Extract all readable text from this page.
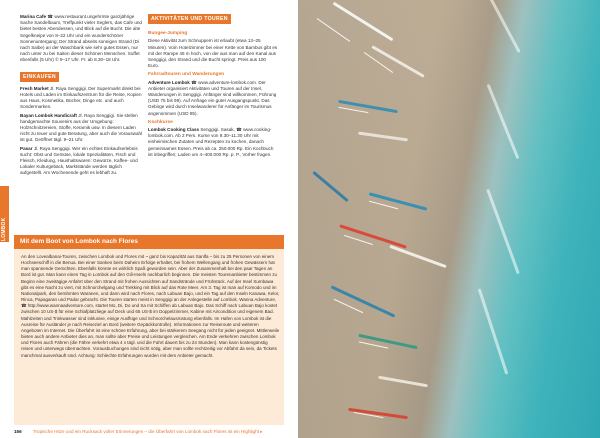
Marina Cafe ☎ www.restaurant.ungehrmte ganzjährige Sache Sandelbaum, Treffpunkt vieler Seglers, das Cafe und bietet besten Abendessen, und Blick auf die Bucht. Die alte Segelkneipe von 8–22 Uhr und ein wunderschöner Sonnenuntergang; Der Strand abseits sonnigen Strand (Di nach Saibe) an der Waschbank wie sehr gutes Essen, nur nach unter zu bei Saiten dieser Schönen Menschen. Suffet ebenfalls (5 Uhr) © 9–17 Uhr. Fr. ab 8.30–18 Uhr.

EINKAUFEN

Fresh Market Jl. Raya Senggigi. Der Supermarkt direkt bei Hotels und Läden im Einkaufszentrum für die Reise, Kopien aus Haus, Kosmetika, Bücher, Dinge etc. und auch Sondermarken.

Bayan Lombok Handicraft Jl. Raya Senggigi. Sie stellen handgemachte Souvenirs aus der Umgebung: Holzschnitzereien, Stoffe, Keramik usw. In diesem Laden nicht zu teuer und gute Beratung, aber auch die Vorauswahl ist gut. Geöffnet tägl. 9–21 Uhr.

Pasar Jl. Raya Senggigi. Wer ein echtes Einkaufserlebnis sucht: Obst und Gemüse, lokale Spezialitäten, Fisch und Fleisch, Kleidung, Haushaltswaren: Gewürze, Kaffee- und Lokaler Kulturgebäck, Marktstände werden täglich aufgestellt. Am Wochenende geht es lebhaft zu.

AKTIVITÄTEN UND TOUREN
Bungee-Jumping

Diese Aktivität zum Schnuppern ist erlaubt (etwa 13–25 Minuten). Vom Hotelzimmer bei einer Kette von Bambus gibt es mit der Rampe 45 m hoch, von der aus man auf den Kanal aus Senggigi, den Strand und die Bucht springt. Preis aus 100 Euro.

Fahrradtouren und Wanderungen

Adventure Lombok ☎ www.adventure-lombok.com. Der Anbieter organisiert Aktivitäten und Touren auf der Insel, Wanderungen in Senggigi. Anfänger sind willkommen, Führung (USD 75 bis 99). Auf Anfrage ein guter Ausgangspunkt. Das Gebirge wird durch Inselwanderer für Anfänger im Tourismus angenommen (USD 85).

Kochkurse

Lombok Cooking Class Senggigi. Sasak, ☎ www.cooking-lombok.com. Ab 2 Pers. Kurse von 9.30–11.30 Uhr mit einheimischen Zutaten und Rezepten zu kochen, danach gemeinsames Essen. Preis ab ca. 250.000 Rp. Ein Kochbuch ist inbegriffen; Laden um 4–400.000 Rp. p. P., Vorher fragen.

LOMBOK
Mit dem Boot von Lombok nach Flores

An den Lovealbanai-Touren, zwischen Lombok und Flores mit ~ ganz bis Kapazität aus Sanlfa – bis zu 25 Personen von einem Hochseeschiff in die Benua. Bei einer Sanken beim Daheim Erfolge erhaltet, bei frohem Wellengang und frohen Gewässern hat man spannende Gerüchten. Ebenfalls könnte es wirklich Spaß geworden sein. Aber der Zusammenhalt bei den paar Tagen an Bord ist gut. Man kann einen Tag in Lombok auf den Gili-Inseln nachbarlich beginnen. Die meisten Tourenanbieter bestimmen zu Beginn eine zweitägige Anfahrt über den Strand mit frohen Aussichten auf Sandstrände und Frühstück. Auf der Insel Sumbawa gibt es eine Nacht zu viert, mit Schnorchelgang und Trekking mit Blick auf das Rote Meer. Am 3. Tag ist man auf Komodo und im Nationalpark, den berühmten Waranen, und dann wird nach Flores, nach Labuan Bajo, und ein Tag auf den Inseln Kanawa, Kelor, Rinca, Papagaran und Padar gebracht. Die Touren starten meist in Senggigi an der Anlegestelle auf Lombok. Wanna Adventure, ☎ http://www.wannaadventure.com, startet Mo, Di, Do und Sa mit Schiffen ab Labuan Bajo. Das Schiff nach Labuan Bajo kostet zwischen 10 US-$ für eine Schlafplatzliege auf Deck und 65 US-$ im Doppelzimmer, Kabine mit Aircondition und eigenem Bad. Mahlzeiten und Trinkwasser sind inklusive, einige Ausflüge und Schnorchelausrüstung ebenfalls. Im Hafen von Lombok ist die Ausreise für Ausländer je nach Reiseziel an Bord (weitere Gepäckkontrolle). Informationen zur Reiseroute und weiteren Angeboten im Internet. Die Überfahrt ist eine schöne Erfahrung, aber bei stärkerem Seegang nicht für jeden geeignet. Mittlerweile bieten auch andere Anbieter dies an, man sollte aber Preise und Leistungen vergleichen. Am Ende verkehren zwischen Lombok und Flores auch Fähren (die Fähre verkehrt etwa 4 x tägl. und die Fahrt dauert bis zu 24 Stunden). Man kann kostengünstig reisen und unterwegs übernachten. Vorausbuchungen sind nicht nötig, aber man sollte rechtzeitig vor Abfahrt da sein, da Tickets manchmal ausverkauft sind. Achtung: Schlechte Erfahrungen wurden mit dem Anbieter gemacht.

156 Tropische Hitze und ein Rucksack voller Erinnerungen – die Überfahrt von Lombok nach Flores ist ein Highlight ▸
